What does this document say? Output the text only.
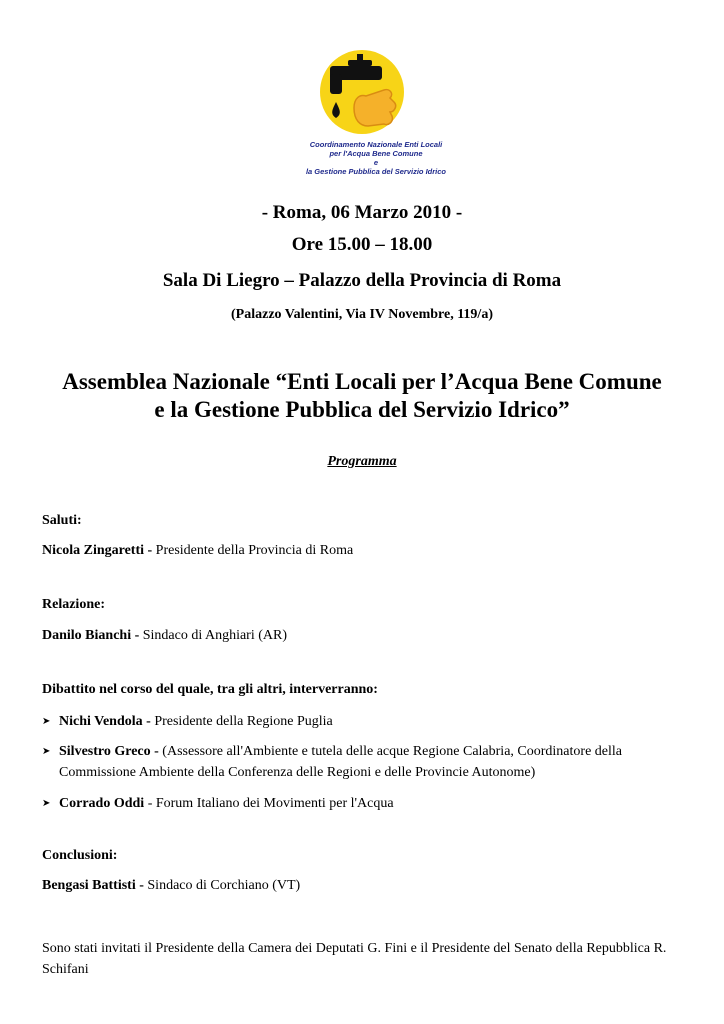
Coordinamento Nazionale Enti Locali
per l'Acqua Bene Comune
e
la Gestione Pubblica del Servizio Idrico
- Roma, 06 Marzo 2010 -
Ore 15.00 – 18.00
Sala Di Liegro – Palazzo della Provincia di Roma
(Palazzo Valentini, Via IV Novembre, 119/a)
Assemblea Nazionale “Enti Locali per l’Acqua Bene Comune
e la Gestione Pubblica del Servizio Idrico”
Programma
Saluti:
Nicola Zingaretti - Presidente della Provincia di Roma
Relazione:
Danilo Bianchi - Sindaco di Anghiari (AR)
Dibattito nel corso del quale, tra gli altri, interverranno:
➤ Nichi Vendola - Presidente della Regione Puglia
➤ Silvestro Greco - (Assessore all'Ambiente e tutela delle acque Regione Calabria, Coordinatore della Commissione Ambiente della Conferenza delle Regioni e delle Provincie Autonome)
➤ Corrado Oddi - Forum Italiano dei Movimenti per l'Acqua
Conclusioni:
Bengasi Battisti - Sindaco di Corchiano (VT)
Sono stati invitati il Presidente della Camera dei Deputati G. Fini e il Presidente del Senato della Repubblica R. Schifani
